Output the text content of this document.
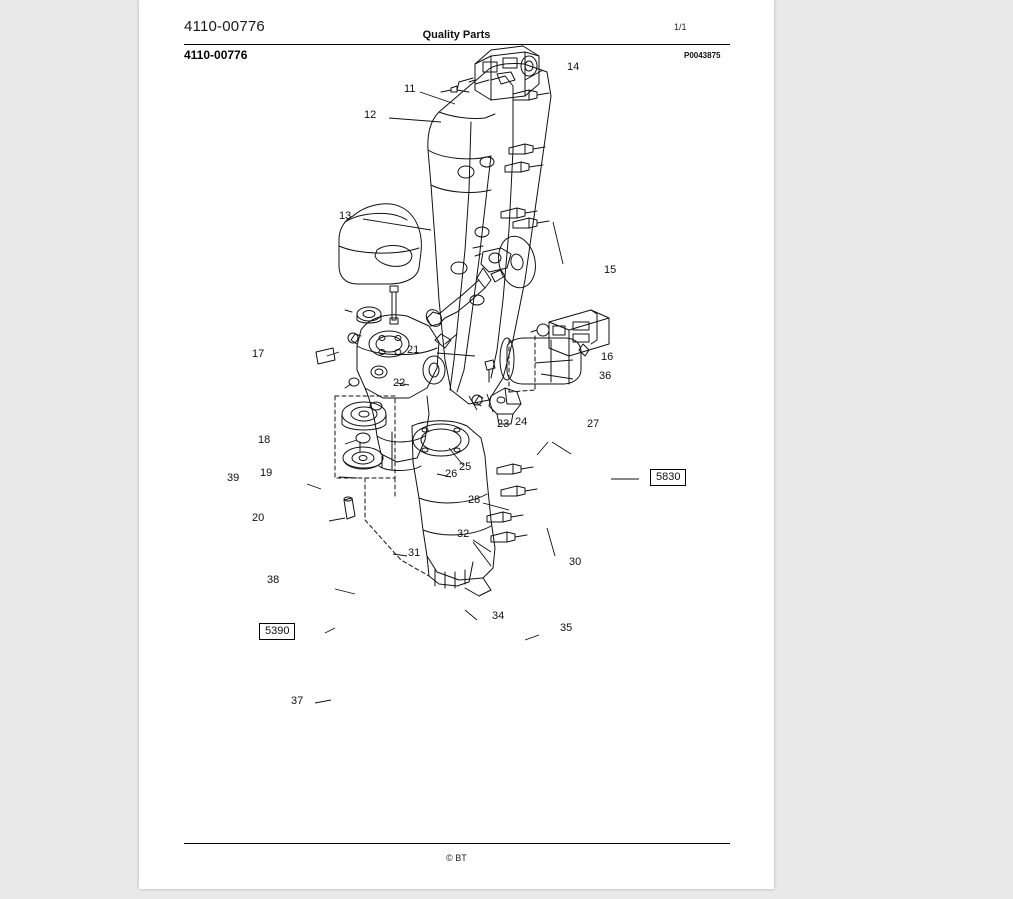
4110-00776	Quality Parts
1/1
4110-00776	P0043875
11
12
13
14
15
16
17
18
19
20
21
22
23 24
25
26
27
28
30
31
32
34
35
36
37
38
39	5830
5390
© BT
